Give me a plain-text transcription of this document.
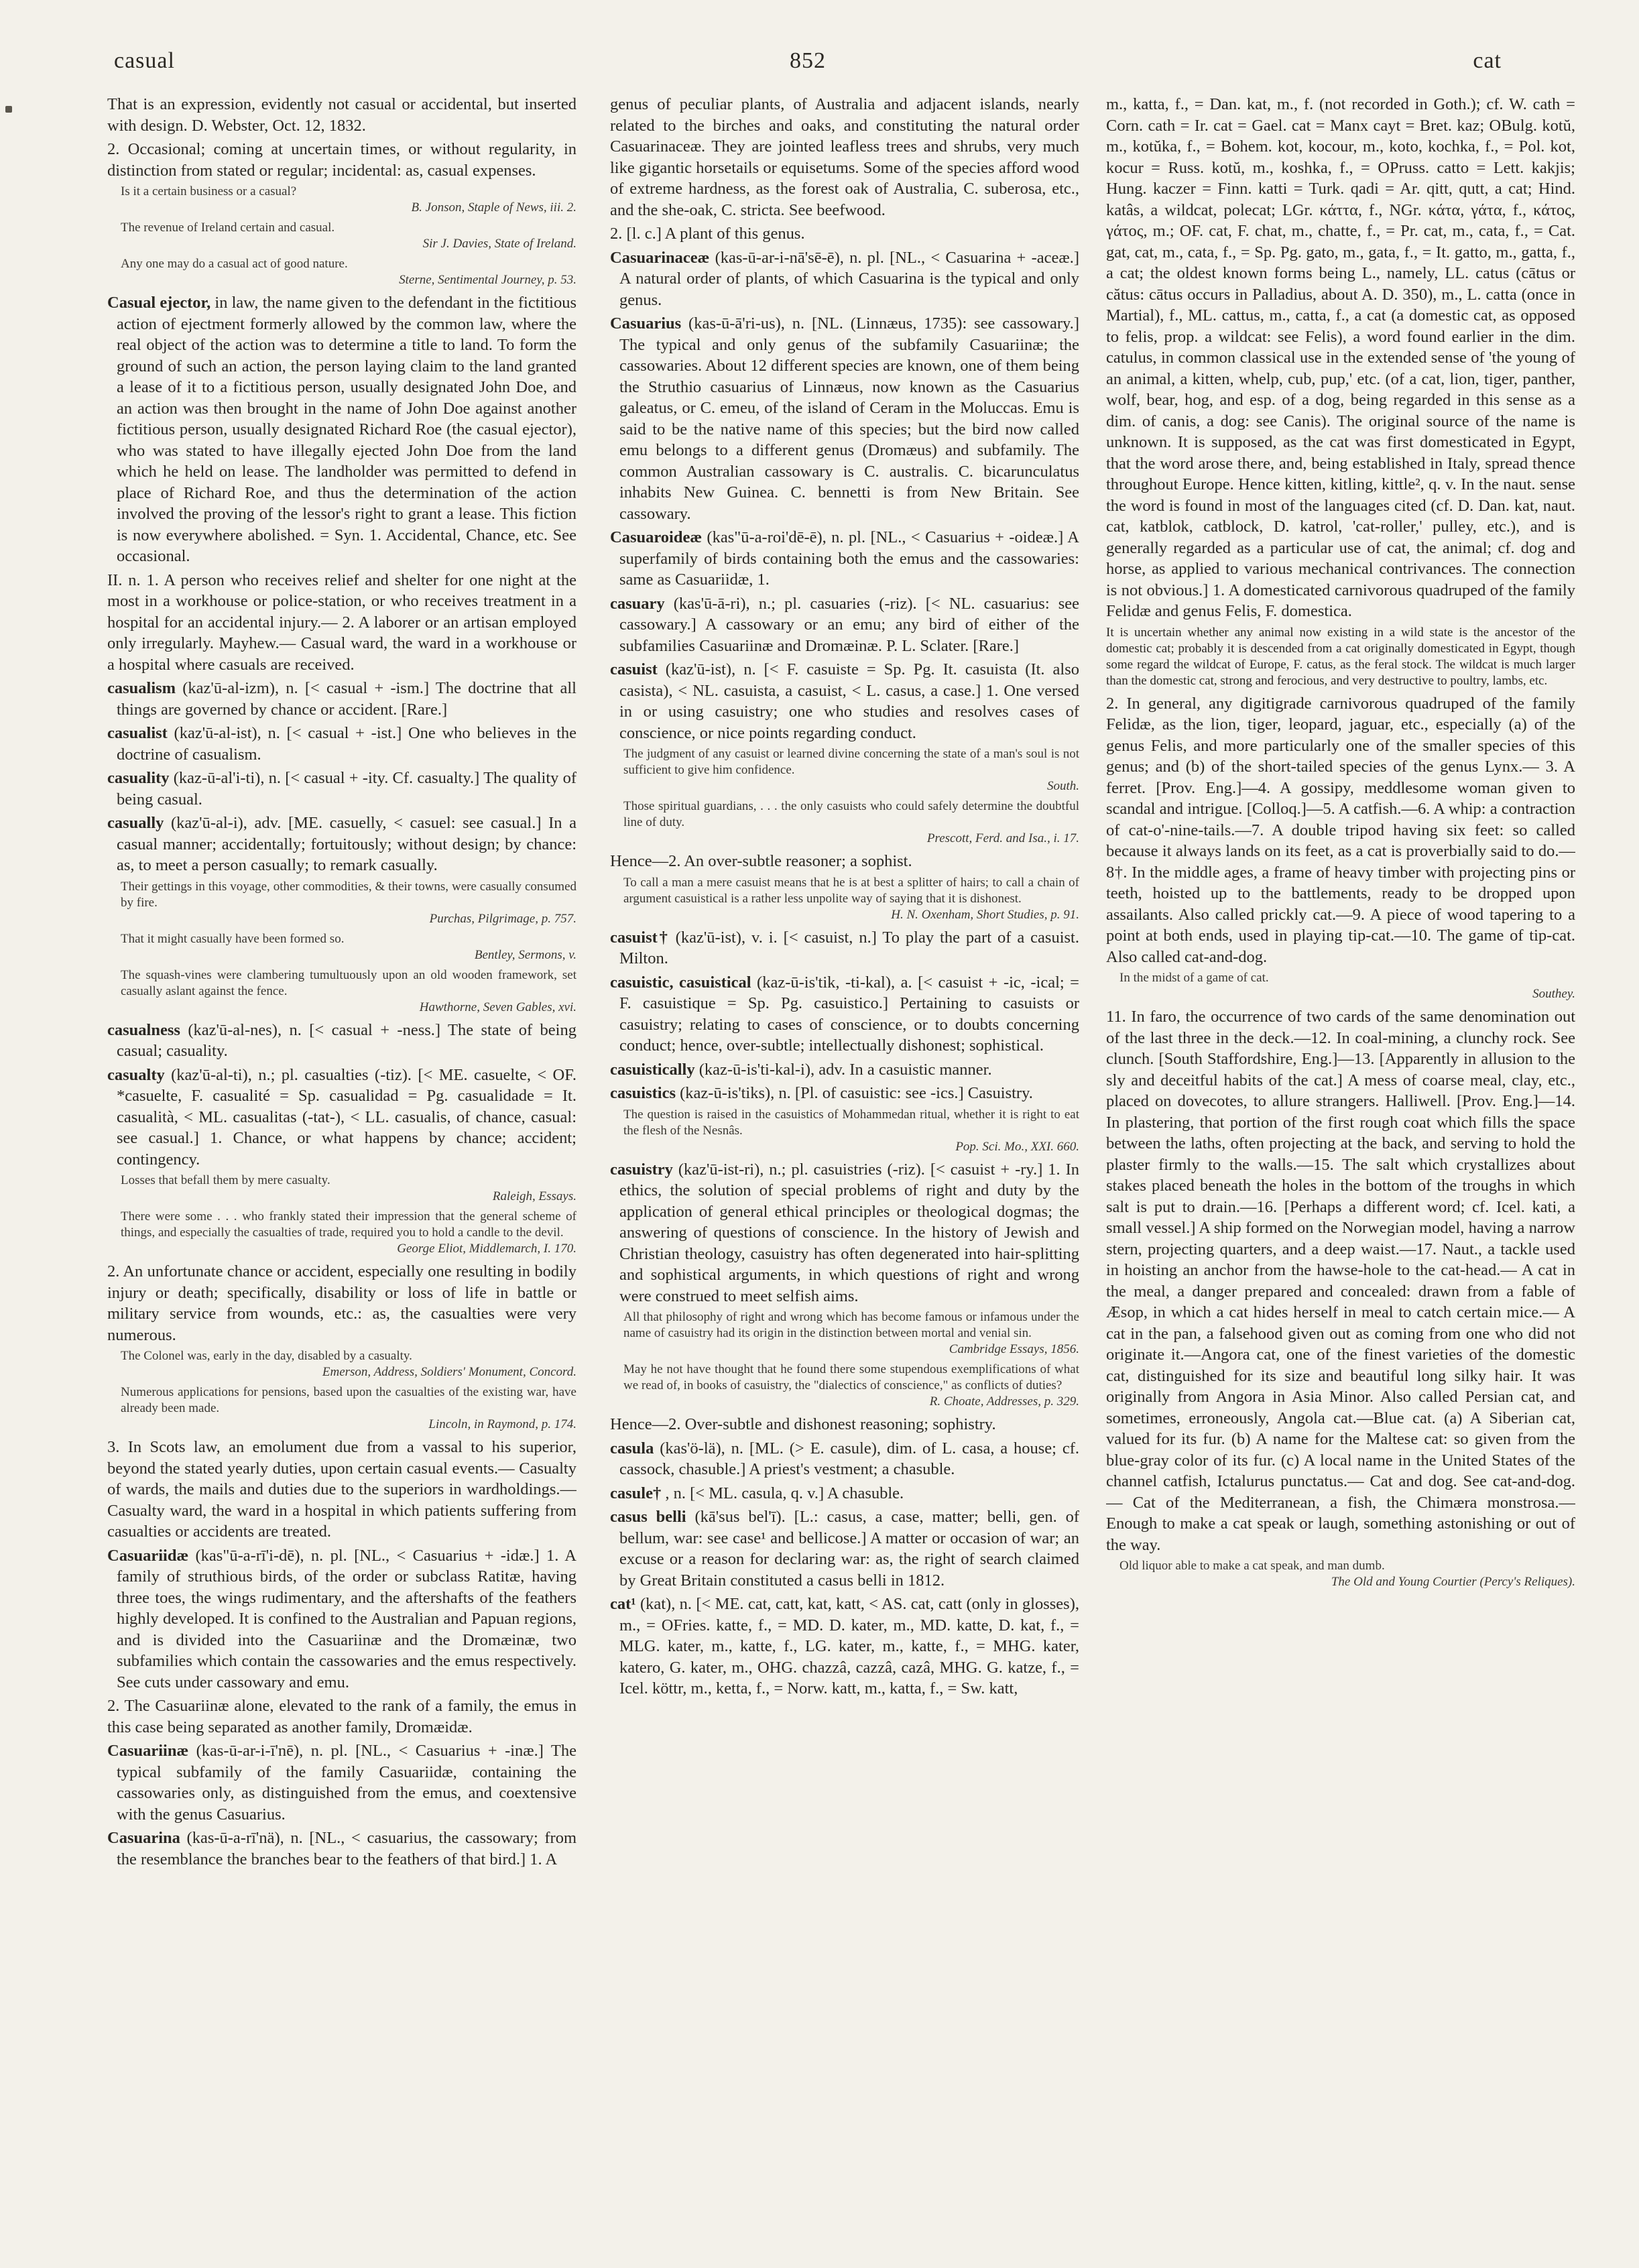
casual	852	cat

That is an expression, evidently not casual or accidental, but inserted with design. D. Webster, Oct. 12, 1832.

2. Occasional; coming at uncertain times, or without regularity, in distinction from stated or regular; incidental: as, casual expenses.

Is it a certain business or a casual?
B. Jonson, Staple of News, iii. 2.
The revenue of Ireland certain and casual.
Sir J. Davies, State of Ireland.
Any one may do a casual act of good nature.
Sterne, Sentimental Journey, p. 53.

Casual ejector, in law, the name given to the defendant in the fictitious action of ejectment formerly allowed by the common law, where the real object of the action was to determine a title to land. To form the ground of such an action, the person laying claim to the land granted a lease of it to a fictitious person, usually designated John Doe, and an action was then brought in the name of John Doe against another fictitious person, usually designated Richard Roe (the casual ejector), who was stated to have illegally ejected John Doe from the land which he held on lease. The landholder was permitted to defend in place of Richard Roe, and thus the determination of the action involved the proving of the lessor's right to grant a lease. This fiction is now everywhere abolished. = Syn. 1. Accidental, Chance, etc. See occasional.

II. n. 1. A person who receives relief and shelter for one night at the most in a workhouse or police-station, or who receives treatment in a hospital for an accidental injury.— 2. A laborer or an artisan employed only irregularly. Mayhew.— Casual ward, the ward in a workhouse or a hospital where casuals are received.

casualism (kaz'ū-al-izm), n. [< casual + -ism.] The doctrine that all things are governed by chance or accident. [Rare.]

casualist (kaz'ū-al-ist), n. [< casual + -ist.] One who believes in the doctrine of casualism.

casuality (kaz-ū-al'i-ti), n. [< casual + -ity. Cf. casualty.] The quality of being casual.

casually (kaz'ū-al-i), adv. [ME. casuelly, < casuel: see casual.] In a casual manner; accidentally; fortuitously; without design; by chance: as, to meet a person casually; to remark casually.

Their gettings in this voyage, other commodities, & their towns, were casually consumed by fire.
Purchas, Pilgrimage, p. 757.
That it might casually have been formed so.
Bentley, Sermons, v.
The squash-vines were clambering tumultuously upon an old wooden framework, set casually aslant against the fence.
Hawthorne, Seven Gables, xvi.

casualness (kaz'ū-al-nes), n. [< casual + -ness.] The state of being casual; casuality.

casualty (kaz'ū-al-ti), n.; pl. casualties (-tiz). [< ME. casuelte, < OF. *casuelte, F. casualité = Sp. casualidad = Pg. casualidade = It. casualità, < ML. casualitas (-tat-), < LL. casualis, of chance, casual: see casual.] 1. Chance, or what happens by chance; accident; contingency.

Losses that befall them by mere casualty.
Raleigh, Essays.
There were some . . . who frankly stated their impression that the general scheme of things, and especially the casualties of trade, required you to hold a candle to the devil.
George Eliot, Middlemarch, I. 170.

2. An unfortunate chance or accident, especially one resulting in bodily injury or death; specifically, disability or loss of life in battle or military service from wounds, etc.: as, the casualties were very numerous.

The Colonel was, early in the day, disabled by a casualty.
Emerson, Address, Soldiers' Monument, Concord.
Numerous applications for pensions, based upon the casualties of the existing war, have already been made.
Lincoln, in Raymond, p. 174.

3. In Scots law, an emolument due from a vassal to his superior, beyond the stated yearly duties, upon certain casual events.— Casualty of wards, the mails and duties due to the superiors in wardholdings.— Casualty ward, the ward in a hospital in which patients suffering from casualties or accidents are treated.

Casuariidæ (kas"ū-a-rī'i-dē), n. pl. [NL., < Casuarius + -idæ.] 1. A family of struthious birds, of the order or subclass Ratitæ, having three toes, the wings rudimentary, and the aftershafts of the feathers highly developed. It is confined to the Australian and Papuan regions, and is divided into the Casuariinæ and the Dromæinæ, two subfamilies which contain the cassowaries and the emus respectively. See cuts under cassowary and emu.

2. The Casuariinæ alone, elevated to the rank of a family, the emus in this case being separated as another family, Dromæidæ.

Casuariinæ (kas-ū-ar-i-ī'nē), n. pl. [NL., < Casuarius + -inæ.] The typical subfamily of the family Casuariidæ, containing the cassowaries only, as distinguished from the emus, and coextensive with the genus Casuarius.

Casuarina (kas-ū-a-rī'nä), n. [NL., < casuarius, the cassowary; from the resemblance the branches bear to the feathers of that bird.] 1. A

genus of peculiar plants, of Australia and adjacent islands, nearly related to the birches and oaks, and constituting the natural order Casuarinaceæ. They are jointed leafless trees and shrubs, very much like gigantic horsetails or equisetums. Some of the species afford wood of extreme hardness, as the forest oak of Australia, C. suberosa, etc., and the she-oak, C. stricta. See beefwood.

2. [l. c.] A plant of this genus.

Casuarinaceæ (kas-ū-ar-i-nā'sē-ē), n. pl. [NL., < Casuarina + -aceæ.] A natural order of plants, of which Casuarina is the typical and only genus.

Casuarius (kas-ū-ā'ri-us), n. [NL. (Linnæus, 1735): see cassowary.] The typical and only genus of the subfamily Casuariinæ; the cassowaries. About 12 different species are known, one of them being the Struthio casuarius of Linnæus, now known as the Casuarius galeatus, or C. emeu, of the island of Ceram in the Moluccas. Emu is said to be the native name of this species; but the bird now called emu belongs to a different genus (Dromæus) and subfamily. The common Australian cassowary is C. australis. C. bicarunculatus inhabits New Guinea. C. bennetti is from New Britain. See cassowary.

Casuaroideæ (kas"ū-a-roi'dē-ē), n. pl. [NL., < Casuarius + -oideæ.] A superfamily of birds containing both the emus and the cassowaries: same as Casuariidæ, 1.

casuary (kas'ū-ā-ri), n.; pl. casuaries (-riz). [< NL. casuarius: see cassowary.] A cassowary or an emu; any bird of either of the subfamilies Casuariinæ and Dromæinæ. P. L. Sclater. [Rare.]

casuist (kaz'ū-ist), n. [< F. casuiste = Sp. Pg. It. casuista (It. also casista), < NL. casuista, a casuist, < L. casus, a case.] 1. One versed in or using casuistry; one who studies and resolves cases of conscience, or nice points regarding conduct.

The judgment of any casuist or learned divine concerning the state of a man's soul is not sufficient to give him confidence.
South.
Those spiritual guardians, . . . the only casuists who could safely determine the doubtful line of duty.
Prescott, Ferd. and Isa., i. 17.

Hence—2. An over-subtle reasoner; a sophist.

To call a man a mere casuist means that he is at best a splitter of hairs; to call a chain of argument casuistical is a rather less unpolite way of saying that it is dishonest.
H. N. Oxenham, Short Studies, p. 91.

casuist† (kaz'ū-ist), v. i. [< casuist, n.] To play the part of a casuist. Milton.

casuistic, casuistical (kaz-ū-is'tik, -ti-kal), a. [< casuist + -ic, -ical; = F. casuistique = Sp. Pg. casuistico.] Pertaining to casuists or casuistry; relating to cases of conscience, or to doubts concerning conduct; hence, over-subtle; intellectually dishonest; sophistical.

casuistically (kaz-ū-is'ti-kal-i), adv. In a casuistic manner.

casuistics (kaz-ū-is'tiks), n. [Pl. of casuistic: see -ics.] Casuistry.

The question is raised in the casuistics of Mohammedan ritual, whether it is right to eat the flesh of the Nesnâs.
Pop. Sci. Mo., XXI. 660.

casuistry (kaz'ū-ist-ri), n.; pl. casuistries (-riz). [< casuist + -ry.] 1. In ethics, the solution of special problems of right and duty by the application of general ethical principles or theological dogmas; the answering of questions of conscience. In the history of Jewish and Christian theology, casuistry has often degenerated into hair-splitting and sophistical arguments, in which questions of right and wrong were construed to meet selfish aims.

All that philosophy of right and wrong which has become famous or infamous under the name of casuistry had its origin in the distinction between mortal and venial sin.
Cambridge Essays, 1856.
May he not have thought that he found there some stupendous exemplifications of what we read of, in books of casuistry, the "dialectics of conscience," as conflicts of duties?
R. Choate, Addresses, p. 329.

Hence—2. Over-subtle and dishonest reasoning; sophistry.

casula (kas'ö-lä), n. [ML. (> E. casule), dim. of L. casa, a house; cf. cassock, chasuble.] A priest's vestment; a chasuble.

casule† , n. [< ML. casula, q. v.] A chasuble.

casus belli (kā'sus bel'ī). [L.: casus, a case, matter; belli, gen. of bellum, war: see case¹ and bellicose.] A matter or occasion of war; an excuse or a reason for declaring war: as, the right of search claimed by Great Britain constituted a casus belli in 1812.

cat¹ (kat), n. [< ME. cat, catt, kat, katt, < AS. cat, catt (only in glosses), m., = OFries. katte, f., = MD. D. kater, m., MD. katte, D. kat, f., = MLG. kater, m., katte, f., LG. kater, m., katte, f., = MHG. kater, katero, G. kater, m., OHG. chazzâ, cazzâ, cazâ, MHG. G. katze, f., = Icel. köttr, m., ketta, f., = Norw. katt, m., katta, f., = Sw. katt,

m., katta, f., = Dan. kat, m., f. (not recorded in Goth.); cf. W. cath = Corn. cath = Ir. cat = Gael. cat = Manx cayt = Bret. kaz; OBulg. kotŭ, m., kotŭka, f., = Bohem. kot, kocour, m., koto, kochka, f., = Pol. kot, kocur = Russ. kotŭ, m., koshka, f., = OPruss. catto = Lett. kakjis; Hung. kaczer = Finn. katti = Turk. qadi = Ar. qitt, qutt, a cat; Hind. katâs, a wildcat, polecat; LGr. κάττα, f., NGr. κάτα, γάτα, f., κάτος, γάτος, m.; OF. cat, F. chat, m., chatte, f., = Pr. cat, m., cata, f., = Cat. gat, cat, m., cata, f., = Sp. Pg. gato, m., gata, f., = It. gatto, m., gatta, f., a cat; the oldest known forms being L., namely, LL. catus (cātus or cătus: cātus occurs in Palladius, about A. D. 350), m., L. catta (once in Martial), f., ML. cattus, m., catta, f., a cat (a domestic cat, as opposed to felis, prop. a wildcat: see Felis), a word found earlier in the dim. catulus, in common classical use in the extended sense of 'the young of an animal, a kitten, whelp, cub, pup,' etc. (of a cat, lion, tiger, panther, wolf, bear, hog, and esp. of a dog, being regarded in this sense as a dim. of canis, a dog: see Canis). The original source of the name is unknown. It is supposed, as the cat was first domesticated in Egypt, that the word arose there, and, being established in Italy, spread thence throughout Europe. Hence kitten, kitling, kittle², q. v. In the naut. sense the word is found in most of the languages cited (cf. D. Dan. kat, naut. cat, katblok, catblock, D. katrol, 'cat-roller,' pulley, etc.), and is generally regarded as a particular use of cat, the animal; cf. dog and horse, as applied to various mechanical contrivances. The connection is not obvious.] 1. A domesticated carnivorous quadruped of the family Felidæ and genus Felis, F. domestica.

It is uncertain whether any animal now existing in a wild state is the ancestor of the domestic cat; probably it is descended from a cat originally domesticated in Egypt, though some regard the wildcat of Europe, F. catus, as the feral stock. The wildcat is much larger than the domestic cat, strong and ferocious, and very destructive to poultry, lambs, etc.

2. In general, any digitigrade carnivorous quadruped of the family Felidæ, as the lion, tiger, leopard, jaguar, etc., especially (a) of the genus Felis, and more particularly one of the smaller species of this genus; and (b) of the short-tailed species of the genus Lynx.— 3. A ferret. [Prov. Eng.]—4. A gossipy, meddlesome woman given to scandal and intrigue. [Colloq.]—5. A catfish.—6. A whip: a contraction of cat-o'-nine-tails.—7. A double tripod having six feet: so called because it always lands on its feet, as a cat is proverbially said to do.—8†. In the middle ages, a frame of heavy timber with projecting pins or teeth, hoisted up to the battlements, ready to be dropped upon assailants. Also called prickly cat.—9. A piece of wood tapering to a point at both ends, used in playing tip-cat.—10. The game of tip-cat. Also called cat-and-dog.

In the midst of a game of cat.
Southey.

11. In faro, the occurrence of two cards of the same denomination out of the last three in the deck.—12. In coal-mining, a clunchy rock. See clunch. [South Staffordshire, Eng.]—13. [Apparently in allusion to the sly and deceitful habits of the cat.] A mess of coarse meal, clay, etc., placed on dovecotes, to allure strangers. Halliwell. [Prov. Eng.]—14. In plastering, that portion of the first rough coat which fills the space between the laths, often projecting at the back, and serving to hold the plaster firmly to the walls.—15. The salt which crystallizes about stakes placed beneath the holes in the bottom of the troughs in which salt is put to drain.—16. [Perhaps a different word; cf. Icel. kati, a small vessel.] A ship formed on the Norwegian model, having a narrow stern, projecting quarters, and a deep waist.—17. Naut., a tackle used in hoisting an anchor from the hawse-hole to the cat-head.— A cat in the meal, a danger prepared and concealed: drawn from a fable of Æsop, in which a cat hides herself in meal to catch certain mice.— A cat in the pan, a falsehood given out as coming from one who did not originate it.—Angora cat, one of the finest varieties of the domestic cat, distinguished for its size and beautiful long silky hair. It was originally from Angora in Asia Minor. Also called Persian cat, and sometimes, erroneously, Angola cat.—Blue cat. (a) A Siberian cat, valued for its fur. (b) A name for the Maltese cat: so given from the blue-gray color of its fur. (c) A local name in the United States of the channel catfish, Ictalurus punctatus.— Cat and dog. See cat-and-dog.— Cat of the Mediterranean, a fish, the Chimæra monstrosa.— Enough to make a cat speak or laugh, something astonishing or out of the way.

Old liquor able to make a cat speak, and man dumb.
The Old and Young Courtier (Percy's Reliques).
